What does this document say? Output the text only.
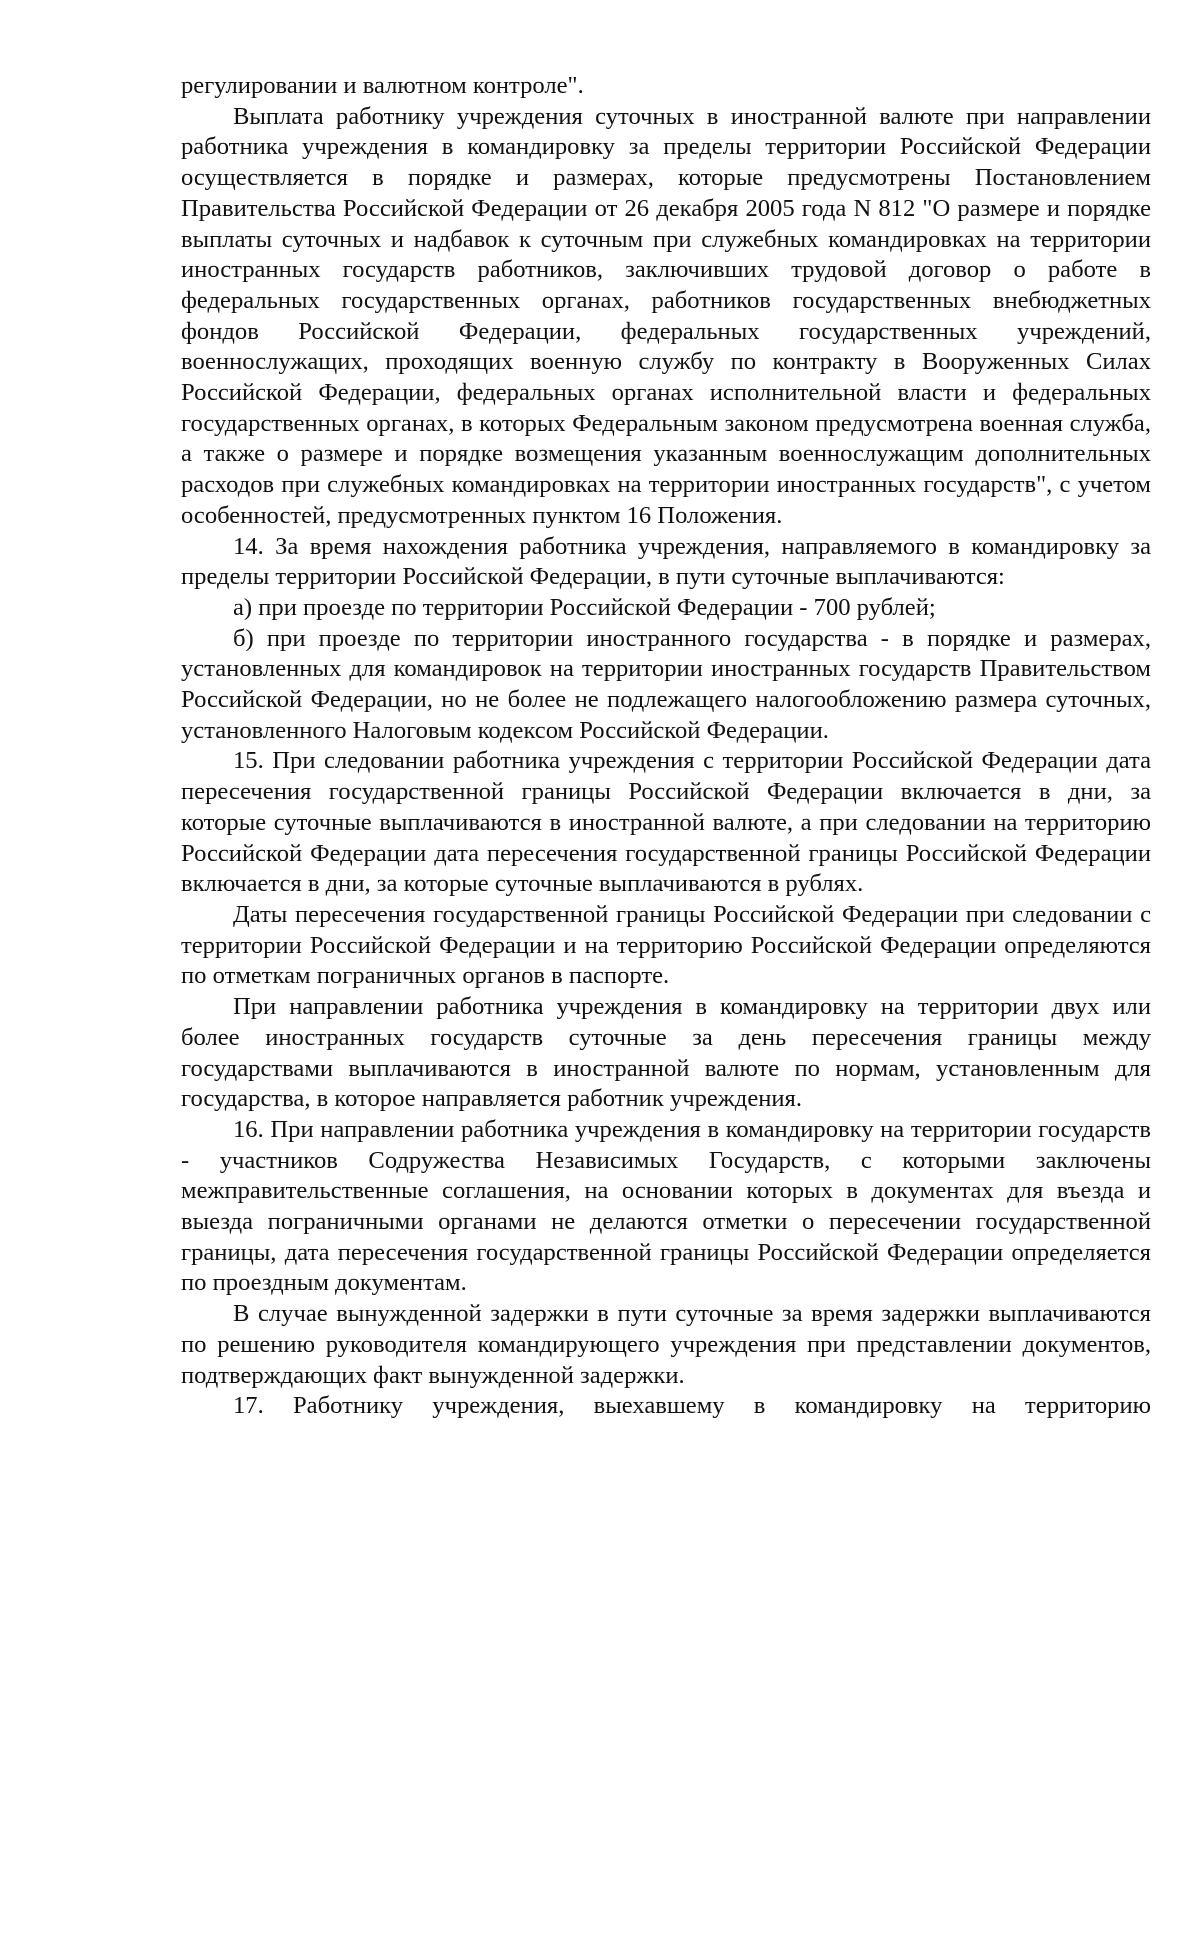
регулировании и валютном контроле".

Выплата работнику учреждения суточных в иностранной валюте при направлении работника учреждения в командировку за пределы территории Российской Федерации осуществляется в порядке и размерах, которые предусмотрены Постановлением Правительства Российской Федерации от 26 декабря 2005 года N 812 "О размере и порядке выплаты суточных и надбавок к суточным при служебных командировках на территории иностранных государств работников, заключивших трудовой договор о работе в федеральных государственных органах, работников государственных внебюджетных фондов Российской Федерации, федеральных государственных учреждений, военнослужащих, проходящих военную службу по контракту в Вооруженных Силах Российской Федерации, федеральных органах исполнительной власти и федеральных государственных органах, в которых Федеральным законом предусмотрена военная служба, а также о размере и порядке возмещения указанным военнослужащим дополнительных расходов при служебных командировках на территории иностранных государств", с учетом особенностей, предусмотренных пунктом 16 Положения.

14. За время нахождения работника учреждения, направляемого в командировку за пределы территории Российской Федерации, в пути суточные выплачиваются:

а) при проезде по территории Российской Федерации - 700 рублей;

б) при проезде по территории иностранного государства - в порядке и размерах, установленных для командировок на территории иностранных государств Правительством Российской Федерации, но не более не подлежащего налогообложению размера суточных, установленного Налоговым кодексом Российской Федерации.

15. При следовании работника учреждения с территории Российской Федерации дата пересечения государственной границы Российской Федерации включается в дни, за которые суточные выплачиваются в иностранной валюте, а при следовании на территорию Российской Федерации дата пересечения государственной границы Российской Федерации включается в дни, за которые суточные выплачиваются в рублях.

Даты пересечения государственной границы Российской Федерации при следовании с территории Российской Федерации и на территорию Российской Федерации определяются по отметкам пограничных органов в паспорте.

При направлении работника учреждения в командировку на территории двух или более иностранных государств суточные за день пересечения границы между государствами выплачиваются в иностранной валюте по нормам, установленным для государства, в которое направляется работник учреждения.

16. При направлении работника учреждения в командировку на территории государств - участников Содружества Независимых Государств, с которыми заключены межправительственные соглашения, на основании которых в документах для въезда и выезда пограничными органами не делаются отметки о пересечении государственной границы, дата пересечения государственной границы Российской Федерации определяется по проездным документам.

В случае вынужденной задержки в пути суточные за время задержки выплачиваются по решению руководителя командирующего учреждения при представлении документов, подтверждающих факт вынужденной задержки.

17. Работнику учреждения, выехавшему в командировку на территорию
